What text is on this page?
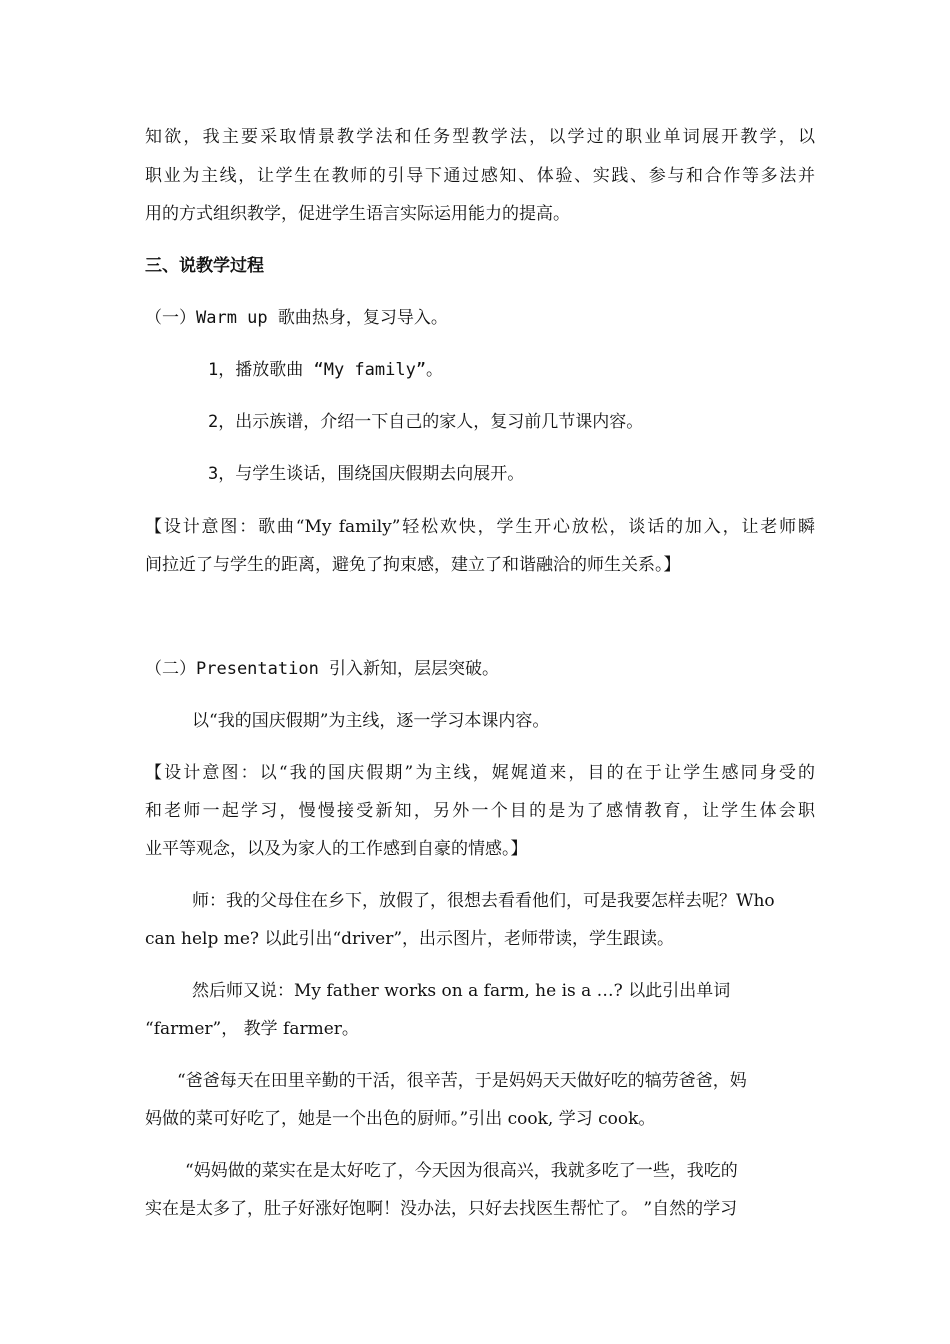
知欲，我主要采取情景教学法和任务型教学法，以学过的职业单词展开教学，以
职业为主线，让学生在教师的引导下通过感知、体验、实践、参与和合作等多法并
用的方式组织教学，促进学生语言实际运用能力的提高。
三、说教学过程
（一）Warm up 歌曲热身，复习导入。
1，播放歌曲 “My family”。
2，出示族谱，介绍一下自己的家人，复习前几节课内容。
3，与学生谈话，围绕国庆假期去向展开。
【设计意图：歌曲“My family”轻松欢快，学生开心放松，谈话的加入，让老师瞬
间拉近了与学生的距离，避免了拘束感，建立了和谐融洽的师生关系。】
（二）Presentation 引入新知，层层突破。
以“我的国庆假期”为主线，逐一学习本课内容。
【设计意图：以“我的国庆假期”为主线，娓娓道来，目的在于让学生感同身受的
和老师一起学习，慢慢接受新知，另外一个目的是为了感情教育，让学生体会职
业平等观念，以及为家人的工作感到自豪的情感。】
师：我的父母住在乡下，放假了，很想去看看他们，可是我要怎样去呢？Who
can help me? 以此引出“driver”，出示图片，老师带读，学生跟读。
然后师又说：My father works on a farm, he is a …? 以此引出单词
“farmer”， 教学 farmer。
“爸爸每天在田里辛勤的干活，很辛苦，于是妈妈天天做好吃的犒劳爸爸，妈
妈做的菜可好吃了，她是一个出色的厨师。”引出 cook, 学习 cook。
“妈妈做的菜实在是太好吃了，今天因为很高兴，我就多吃了一些，我吃的
实在是太多了，肚子好涨好饱啊！没办法，只好去找医生帮忙了。 ”自然的学习
